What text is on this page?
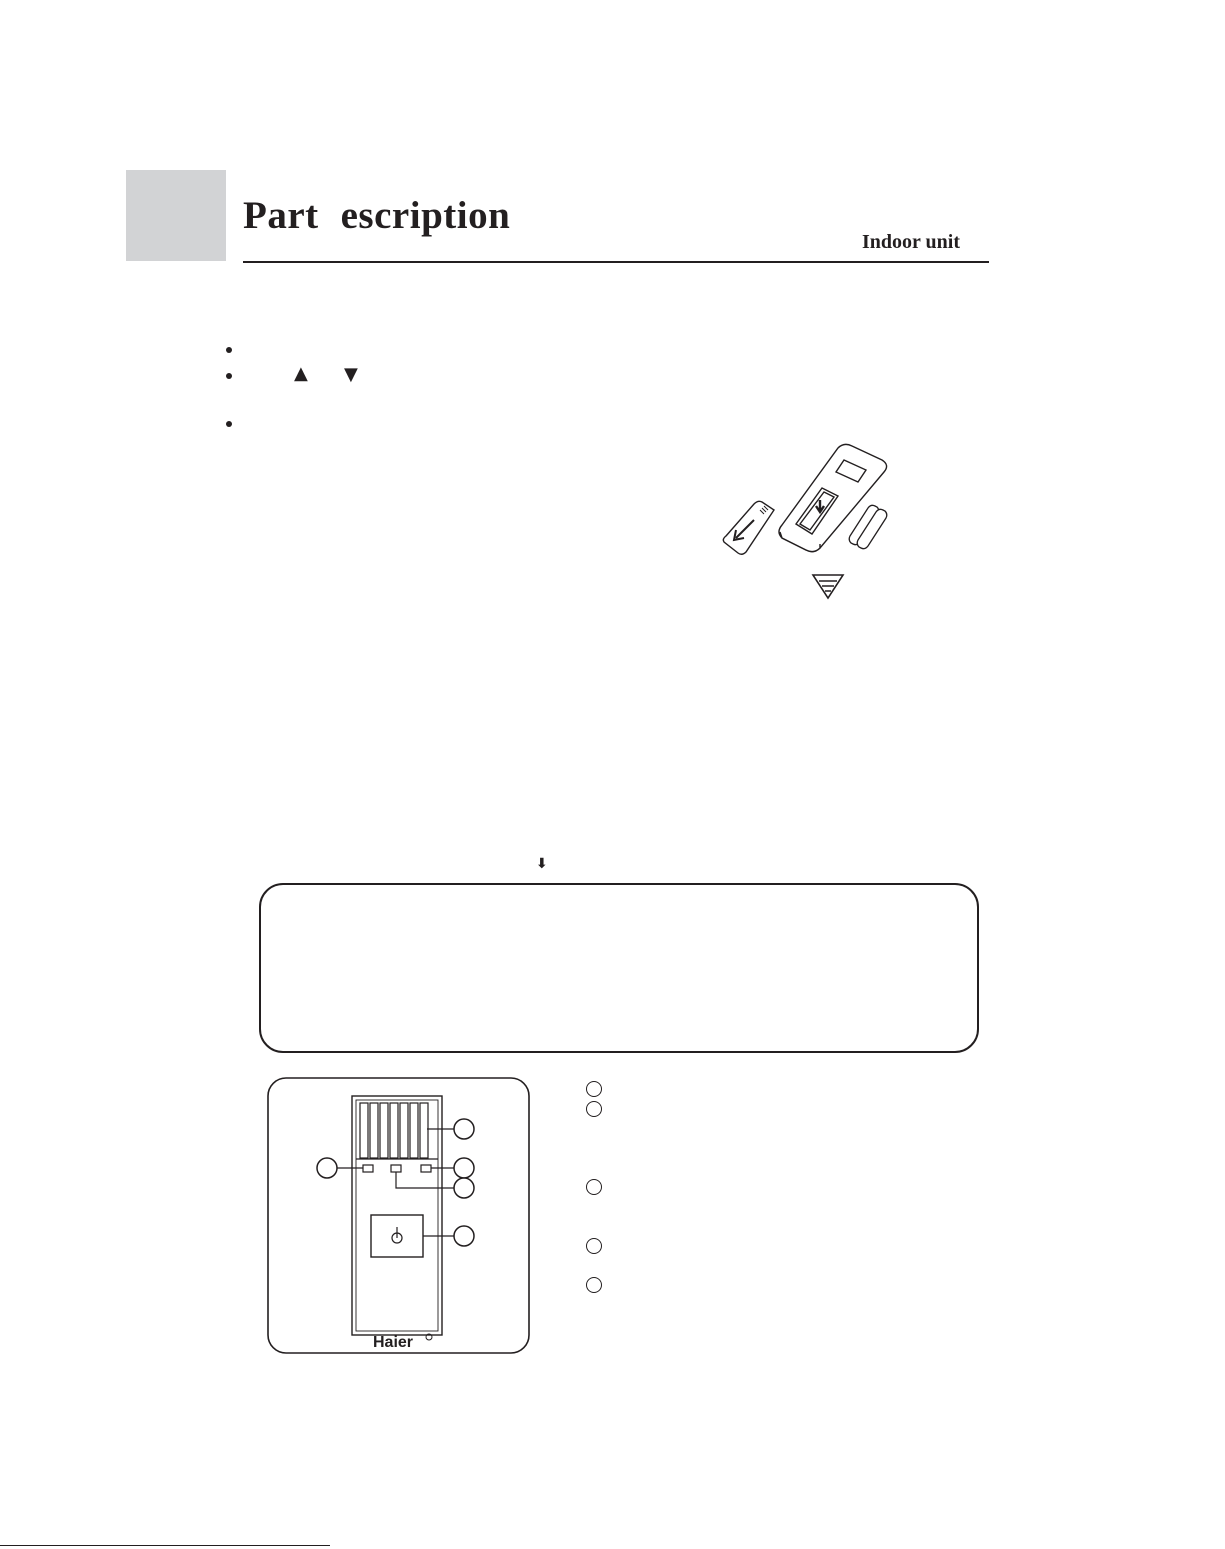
Part escription
Indoor unit
▲ ▼
⬇
Haier
